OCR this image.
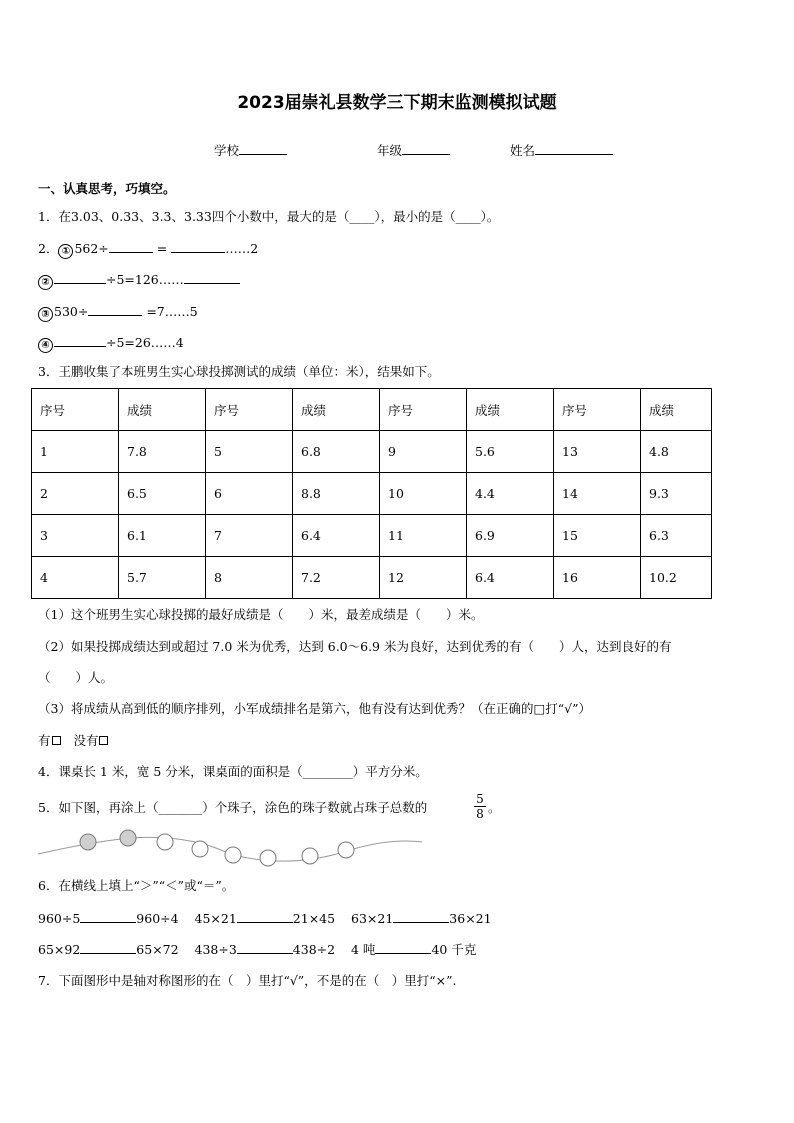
2023届崇礼县数学三下期末监测模拟试题
学校	年级	姓名
一、认真思考，巧填空。
1．在3.03、0.33、3.3、3.33四个小数中，最大的是（____），最小的是（____）。
2． ① 562÷	=	……2
②	÷5=126……
③ 530÷	=7……5
④	÷5=26……4
3．王鹏收集了本班男生实心球投掷测试的成绩（单位：米），结果如下。
序号	成绩	序号	成绩	序号	成绩	序号	成绩
1	7.8	5	6.8	9	5.6	13	4.8
2	6.5	6	8.8	10	4.4	14	9.3
3	6.1	7	6.4	11	6.9	15	6.3
4	5.7	8	7.2	12	6.4	16	10.2
（1）这个班男生实心球投掷的最好成绩是（　　）米，最差成绩是（　　）米。
（2）如果投掷成绩达到或超过 7.0 米为优秀，达到 6.0～6.9 米为良好，达到优秀的有（　　）人，达到良好的有
（　　）人。
（3）将成绩从高到低的顺序排列，小军成绩排名是第六，他有没有达到优秀？（在正确的□打“√”）
有 没有
4．课桌长 1 米，宽 5 分米，课桌面的面积是（________）平方分米。
5．如下图，再涂上（_______）个珠子，涂色的珠子数就占珠子总数的	$\frac{5}{8}$ 。
6．在横线上填上“＞”“＜”或“＝”。
960÷5	960÷4 45×21	21×45 63×21	36×21
65×92	65×72 438÷3	438÷2 4 吨	40 千克
7．下面图形中是轴对称图形的在（　）里打“√”，不是的在（　）里打“×”.
